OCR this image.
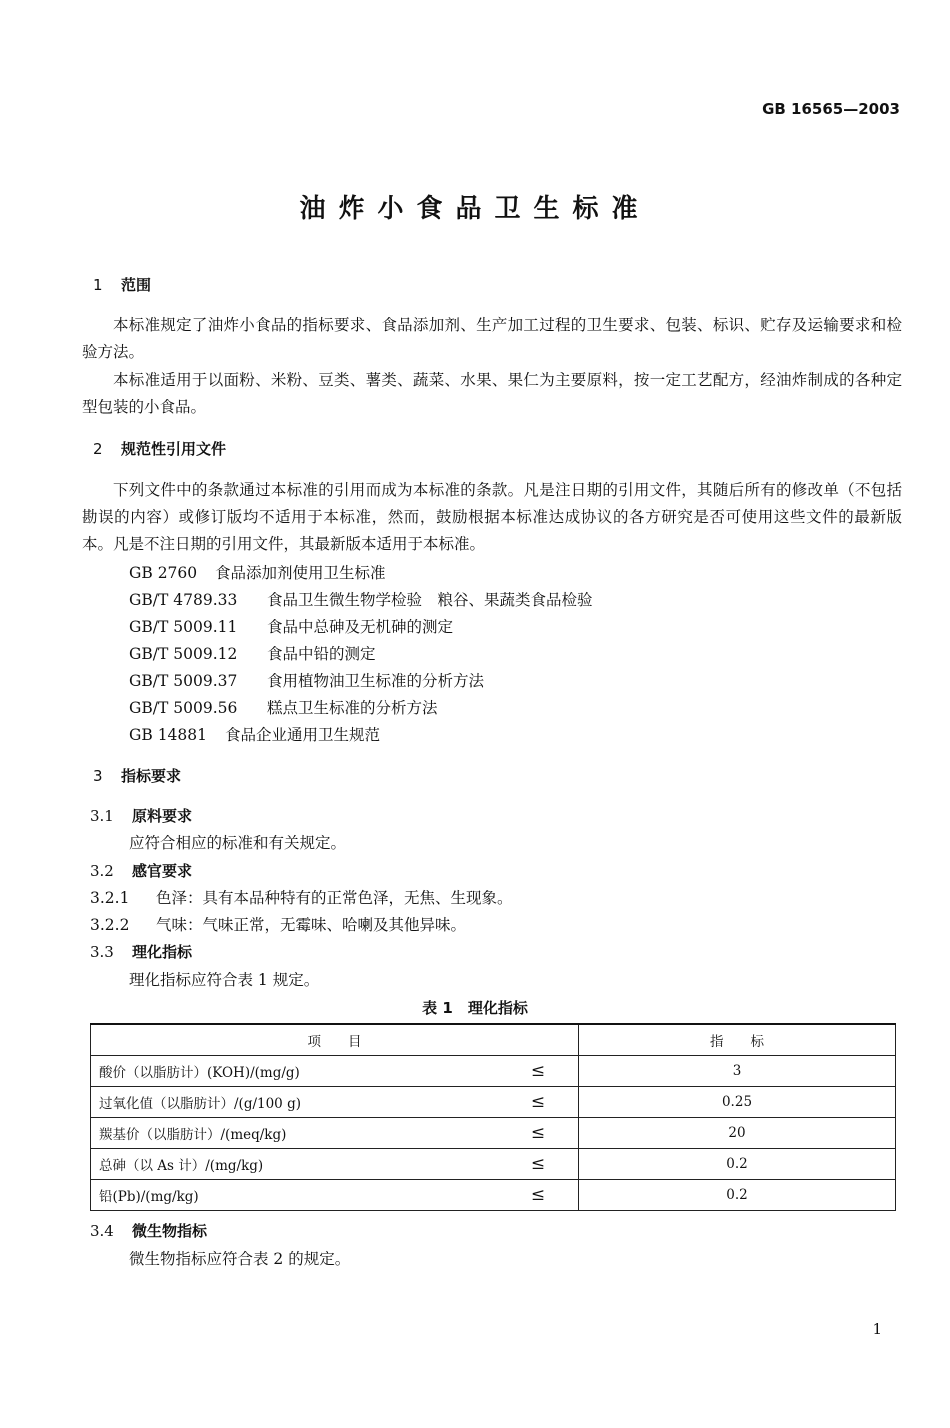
GB 16565—2003
油炸小食品卫生标准
1 范围

本标准规定了油炸小食品的指标要求、食品添加剂、生产加工过程的卫生要求、包装、标识、贮存及运输要求和检验方法。

本标准适用于以面粉、米粉、豆类、薯类、蔬菜、水果、果仁为主要原料，按一定工艺配方，经油炸制成的各种定型包装的小食品。

2 规范性引用文件

下列文件中的条款通过本标准的引用而成为本标准的条款。凡是注日期的引用文件，其随后所有的修改单（不包括勘误的内容）或修订版均不适用于本标准，然而，鼓励根据本标准达成协议的各方研究是否可使用这些文件的最新版本。凡是不注日期的引用文件，其最新版本适用于本标准。

GB 2760 食品添加剂使用卫生标准
GB/T 4789.33 食品卫生微生物学检验　粮谷、果蔬类食品检验
GB/T 5009.11 食品中总砷及无机砷的测定
GB/T 5009.12 食品中铅的测定
GB/T 5009.37 食用植物油卫生标准的分析方法
GB/T 5009.56 糕点卫生标准的分析方法
GB 14881 食品企业通用卫生规范
3 指标要求
3.1 原料要求
应符合相应的标准和有关规定。
3.2 感官要求
3.2.1 色泽：具有本品种特有的正常色泽，无焦、生现象。
3.2.2 气味：气味正常，无霉味、哈喇及其他异味。
3.3 理化指标
理化指标应符合表 1 规定。
表 1　理化指标
项　　目		指　　标
酸价（以脂肪计）(KOH)/(mg/g)	≤	3
过氧化值（以脂肪计）/(g/100 g)	≤	0.25
羰基价（以脂肪计）/(meq/kg)	≤	20
总砷（以 As 计）/(mg/kg)	≤	0.2
铅(Pb)/(mg/kg)	≤	0.2
3.4 微生物指标
微生物指标应符合表 2 的规定。
1
